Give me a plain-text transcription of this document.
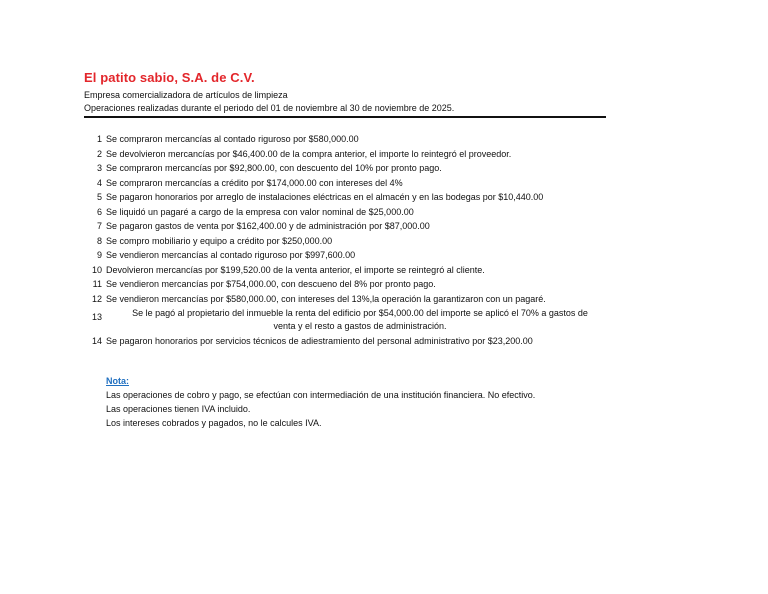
El patito sabio, S.A. de C.V.

Empresa comercializadora de artículos de limpieza

Operaciones realizadas durante el periodo del 01 de noviembre al 30 de noviembre de 2025.

1 Se compraron mercancías al contado riguroso por $580,000.00
2 Se devolvieron mercancías por $46,400.00 de la compra anterior, el importe lo reintegró el proveedor.
3 Se compraron mercancías por $92,800.00, con descuento del 10% por pronto pago.
4 Se compraron mercancías a crédito por $174,000.00 con intereses del 4%
5 Se pagaron honorarios por arreglo de instalaciones eléctricas en el almacén y en las bodegas por $10,440.00
6 Se liquidó un pagaré a cargo de la empresa con valor nominal de $25,000.00
7 Se pagaron gastos de venta por $162,400.00 y de administración por $87,000.00
8 Se compro mobiliario y equipo a crédito por $250,000.00
9 Se vendieron mercancías al contado riguroso por $997,600.00
10 Devolvieron mercancías por $199,520.00 de la venta anterior, el importe se reintegró al cliente.
11 Se vendieron mercancías por $754,000.00, con descueno del 8% por pronto pago.
12 Se vendieron mercancías por $580,000.00, con intereses del 13%,la operación la garantizaron con un pagaré.
13	Se le pagó al propietario del inmueble la renta del edificio por $54,000.00 del importe se aplicó el 70% a gastos de
venta y el resto a gastos de administración.
14 Se pagaron honorarios por servicios técnicos de adiestramiento del personal administrativo por $23,200.00
Nota:
Las operaciones de cobro y pago, se efectúan con intermediación de una institución financiera. No efectivo.
Las operaciones tienen IVA incluido.
Los intereses cobrados y pagados, no le calcules IVA.
